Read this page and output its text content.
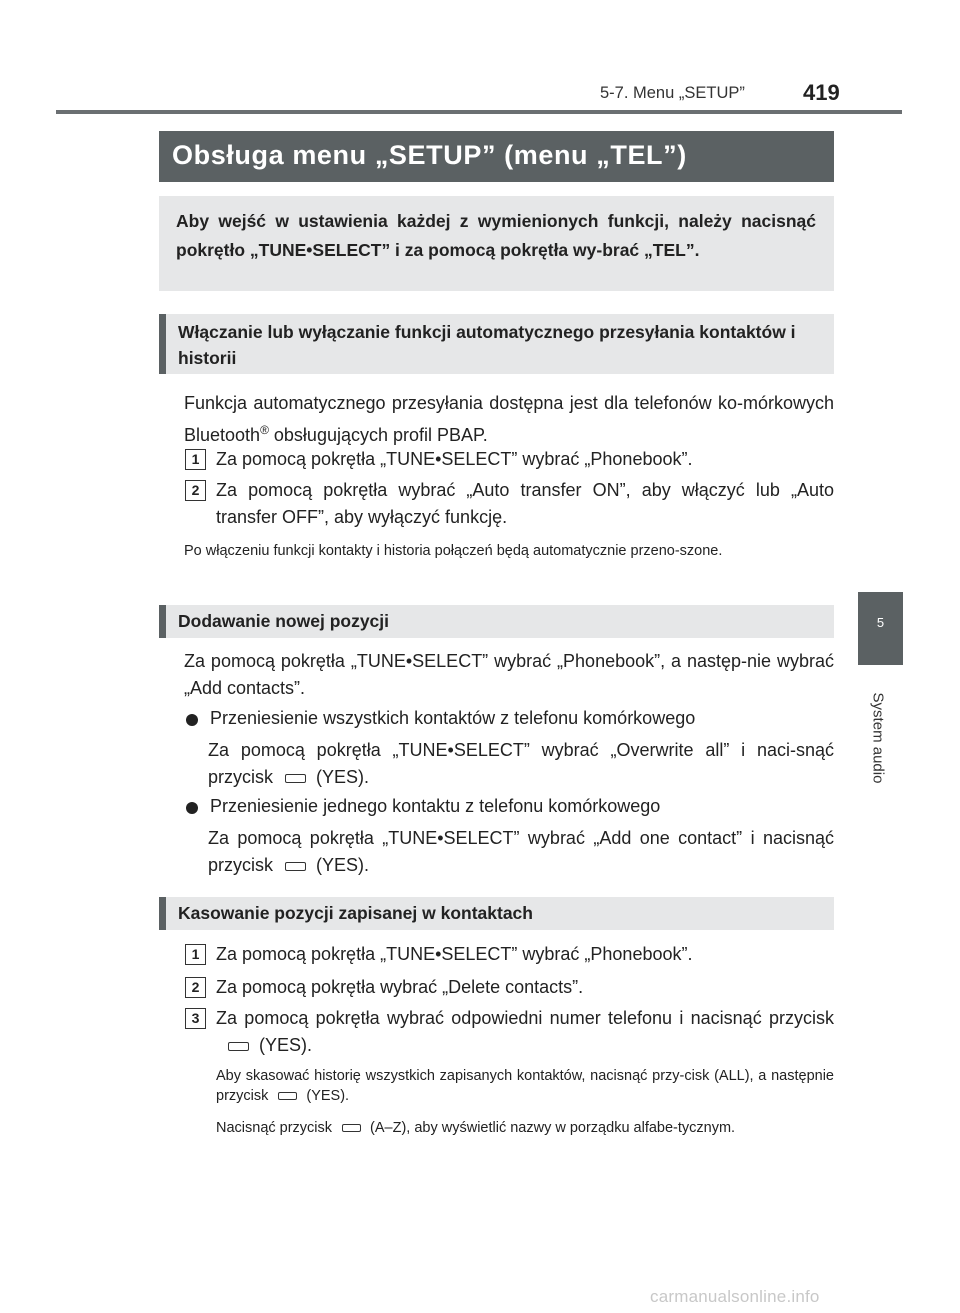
5-7. Menu „SETUP”	419
Obsługa menu „SETUP” (menu „TEL”)
Aby wejść w ustawienia każdej z wymienionych funkcji, należy nacisnąć pokrętło „TUNE•SELECT” i za pomocą pokrętła wy-brać „TEL”.
Włączanie lub wyłączanie funkcji automatycznego przesyłania kontaktów i historii
Funkcja automatycznego przesyłania dostępna jest dla telefonów ko-mórkowych Bluetooth® obsługujących profil PBAP.
1 Za pomocą pokrętła „TUNE•SELECT” wybrać „Phonebook”.
2 Za pomocą pokrętła wybrać „Auto transfer ON”, aby włączyć lub „Auto transfer OFF”, aby wyłączyć funkcję.
Po włączeniu funkcji kontakty i historia połączeń będą automatycznie przeno-szone.
Dodawanie nowej pozycji
Za pomocą pokrętła „TUNE•SELECT” wybrać „Phonebook”, a następ-nie wybrać „Add contacts”.
Przeniesienie wszystkich kontaktów z telefonu komórkowego
Za pomocą pokrętła „TUNE•SELECT” wybrać „Overwrite all” i naci-snąć przycisk (YES).
Przeniesienie jednego kontaktu z telefonu komórkowego
Za pomocą pokrętła „TUNE•SELECT” wybrać „Add one contact” i nacisnąć przycisk (YES).
Kasowanie pozycji zapisanej w kontaktach
1 Za pomocą pokrętła „TUNE•SELECT” wybrać „Phonebook”.
2 Za pomocą pokrętła wybrać „Delete contacts”.
3 Za pomocą pokrętła wybrać odpowiedni numer telefonu i nacisnąć przycisk(YES).
Aby skasować historię wszystkich zapisanych kontaktów, nacisnąć przy-cisk (ALL), a następnie przycisk	(YES).
Nacisnąć przycisk	(A–Z), aby wyświetlić nazwy w porządku alfabe-tycznym.
5
System audio
carmanualsonline.info
